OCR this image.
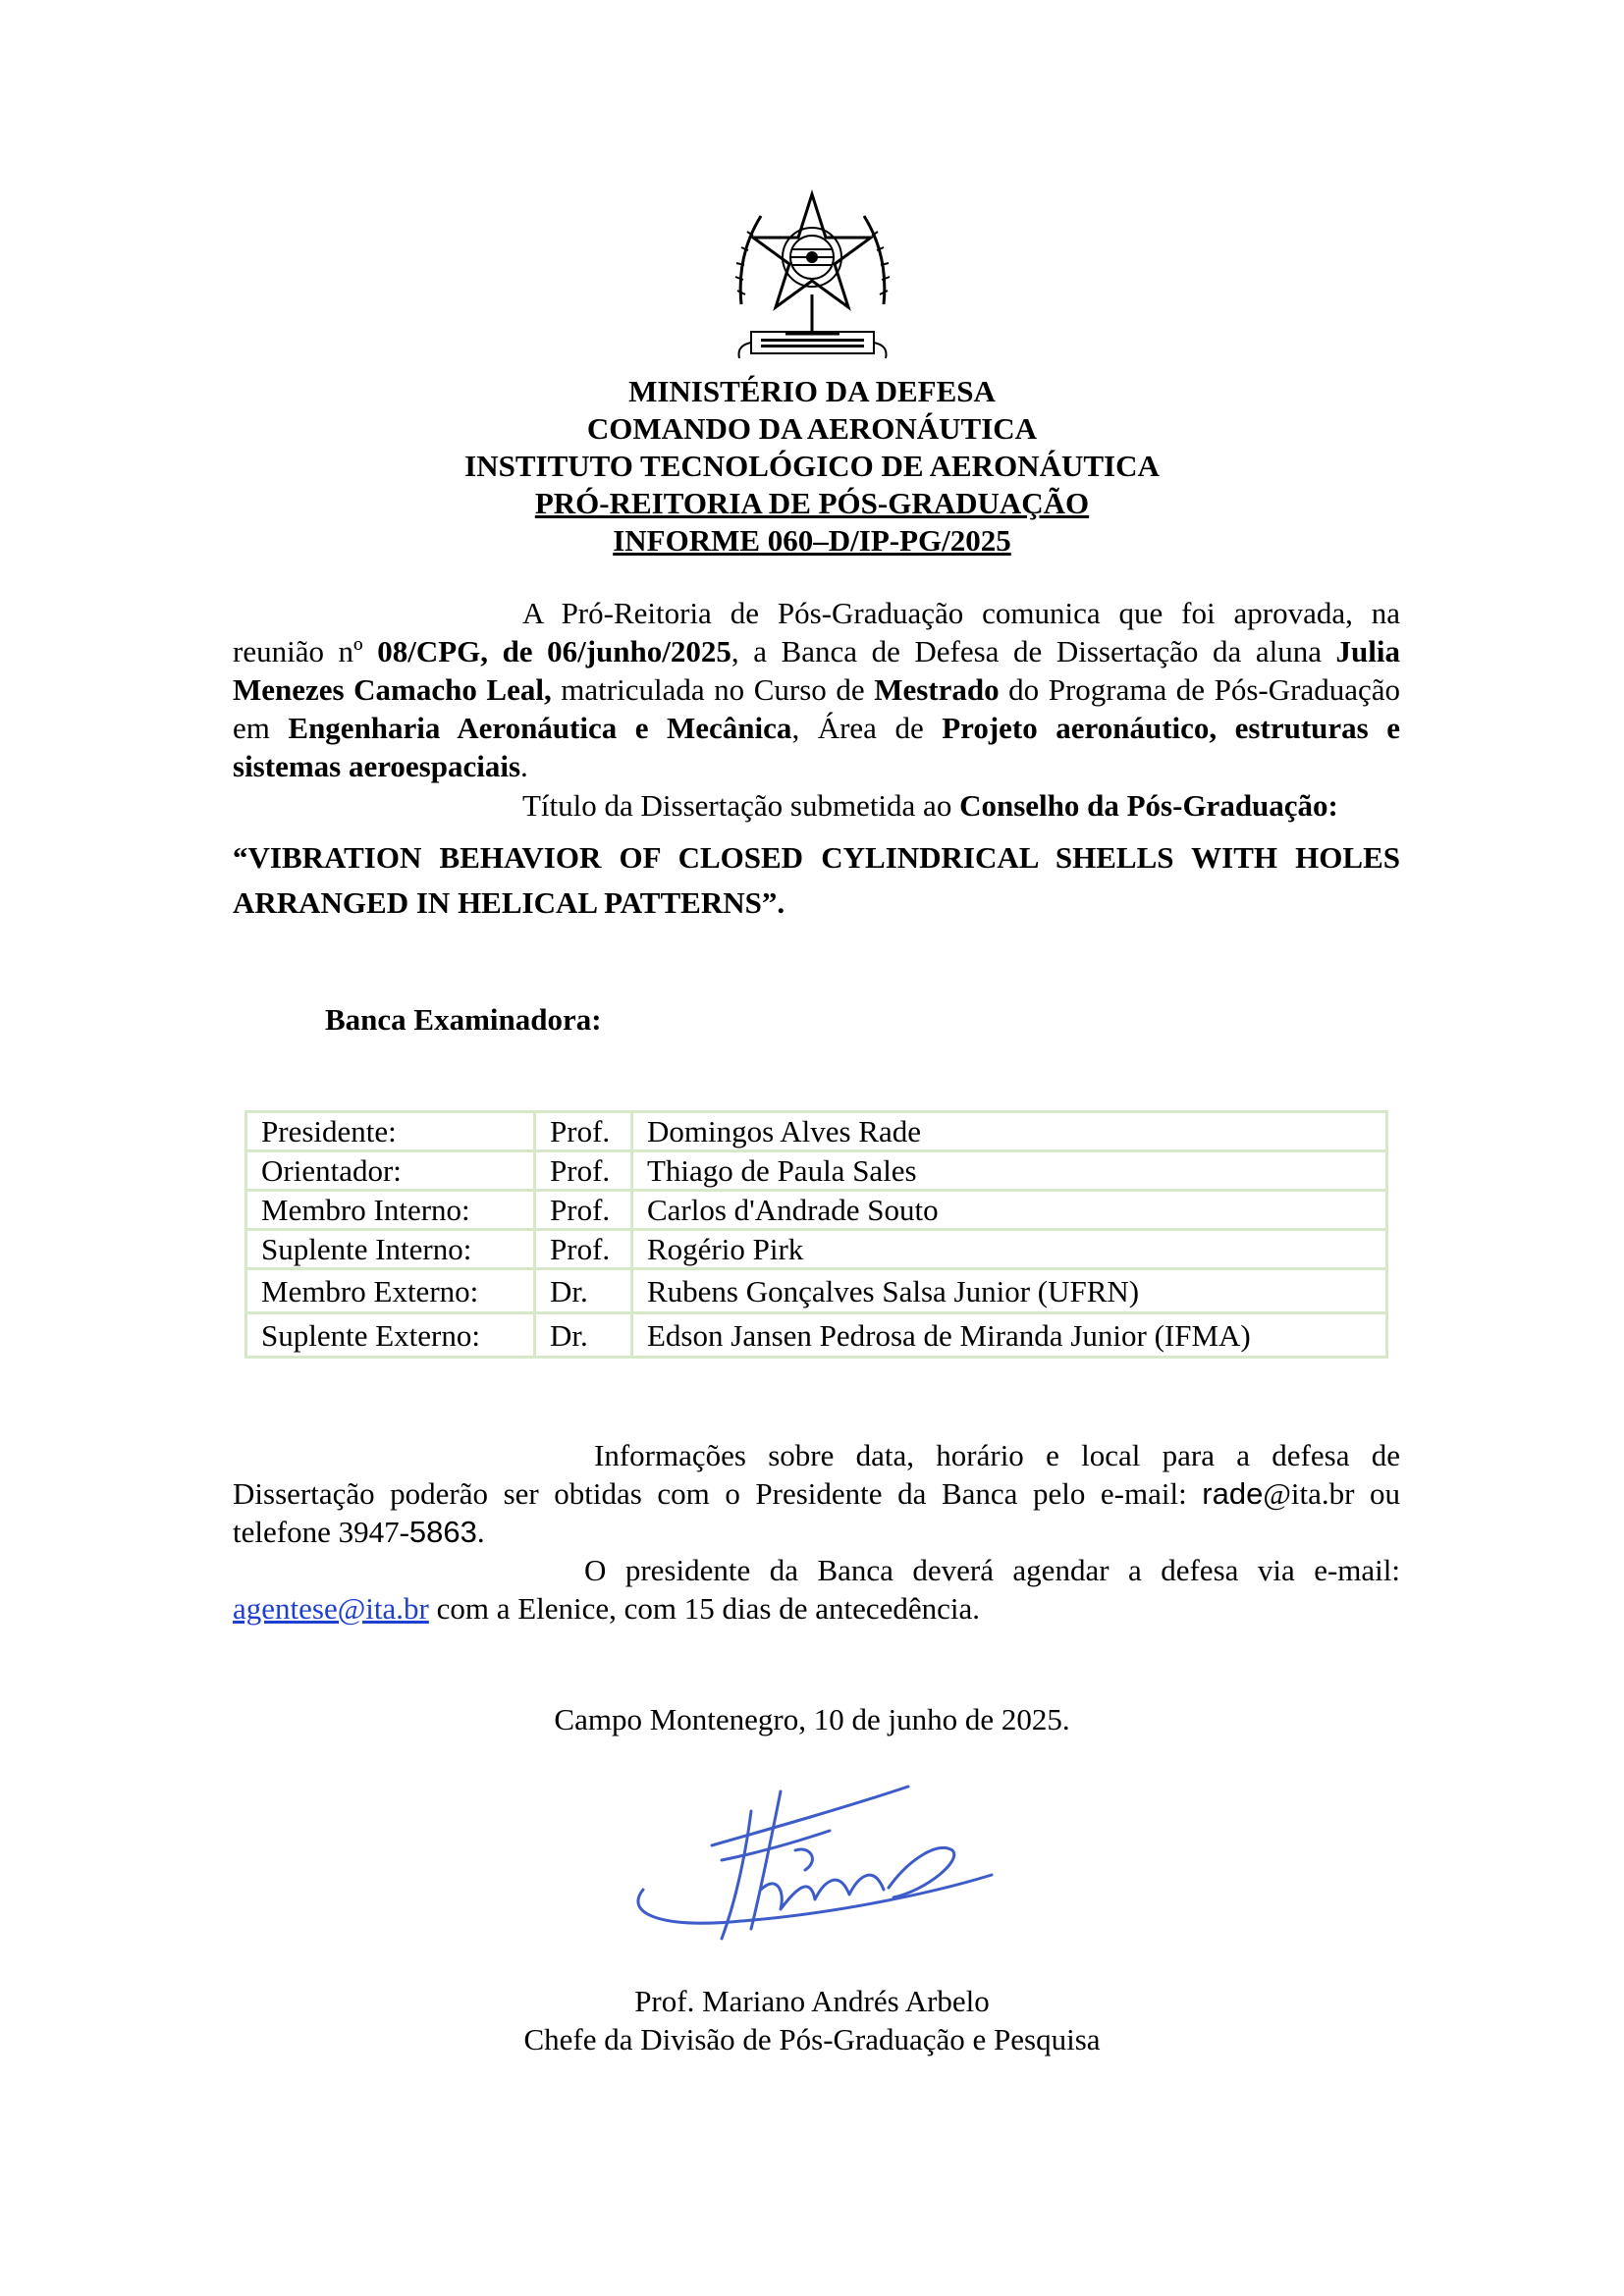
MINISTÉRIO DA DEFESA
COMANDO DA AERONÁUTICA
INSTITUTO TECNOLÓGICO DE AERONÁUTICA
PRÓ-REITORIA DE PÓS-GRADUAÇÃO
INFORME 060–D/IP-PG/2025
A Pró-Reitoria de Pós-Graduação comunica que foi aprovada, na reunião nº 08/CPG, de 06/junho/2025, a Banca de Defesa de Dissertação da aluna Julia Menezes Camacho Leal, matriculada no Curso de Mestrado do Programa de Pós-Graduação em Engenharia Aeronáutica e Mecânica, Área de Projeto aeronáutico, estruturas e sistemas aeroespaciais.
Título da Dissertação submetida ao Conselho da Pós-Graduação:
“VIBRATION BEHAVIOR OF CLOSED CYLINDRICAL SHELLS WITH HOLES ARRANGED IN HELICAL PATTERNS”.
Banca Examinadora:
Presidente:	Prof.	Domingos Alves Rade
Orientador:	Prof.	Thiago de Paula Sales
Membro Interno:	Prof.	Carlos d'Andrade Souto
Suplente Interno:	Prof.	Rogério Pirk
Membro Externo:	Dr.	Rubens Gonçalves Salsa Junior (UFRN)
Suplente Externo:	Dr.	Edson Jansen Pedrosa de Miranda Junior (IFMA)
Informações sobre data, horário e local para a defesa de Dissertação poderão ser obtidas com o Presidente da Banca pelo e-mail: rade@ita.br ou telefone 3947-5863.
O presidente da Banca deverá agendar a defesa via e-mail: agentese@ita.br com a Elenice, com 15 dias de antecedência.
Campo Montenegro, 10 de junho de 2025.
Prof. Mariano Andrés Arbelo
Chefe da Divisão de Pós-Graduação e Pesquisa
